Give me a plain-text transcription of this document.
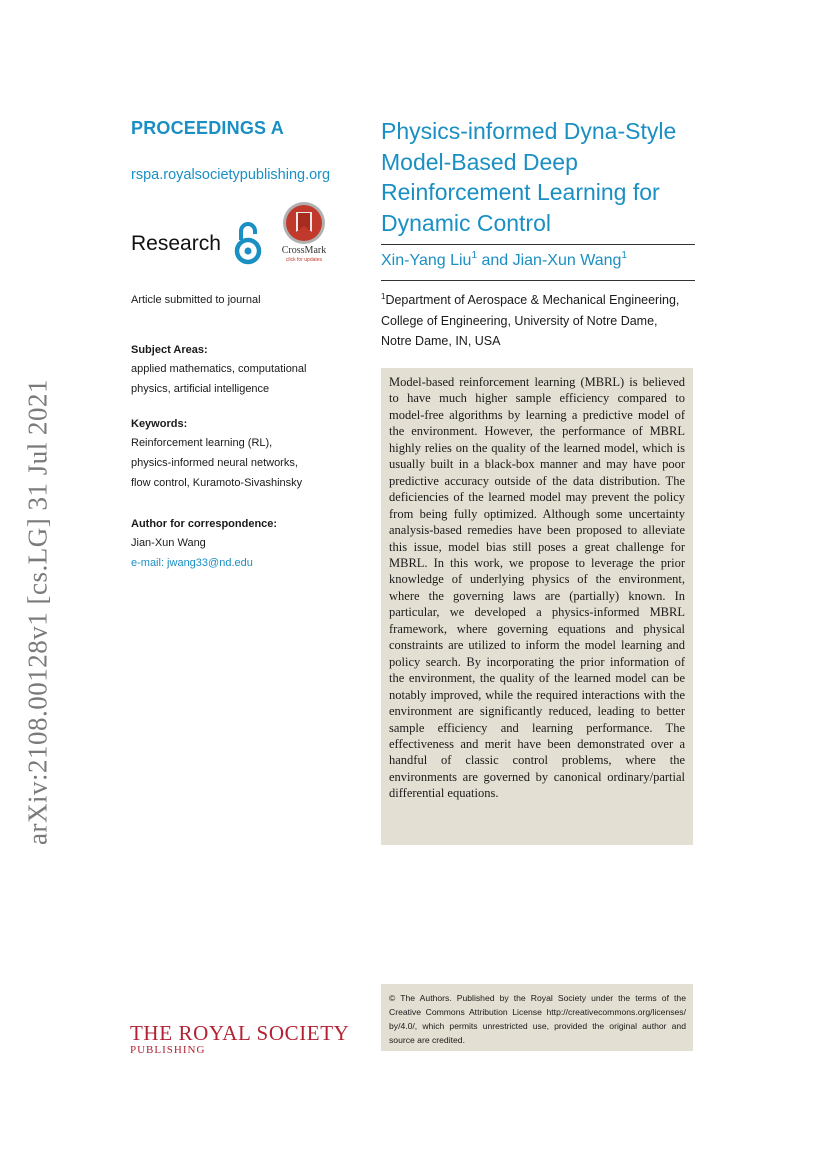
arXiv:2108.00128v1 [cs.LG] 31 Jul 2021
PROCEEDINGS A
rspa.royalsocietypublishing.org
Research	CrossMark
click for updates
Article submitted to journal
Subject Areas:
applied mathematics, computational
physics, artificial intelligence
Keywords:
Reinforcement learning (RL),
physics-informed neural networks,
flow control, Kuramoto-Sivashinsky
Author for correspondence:
Jian-Xun Wang
e-mail: jwang33@nd.edu
THE ROYAL SOCIETY
PUBLISHING
Physics-informed Dyna-Style
Model-Based Deep
Reinforcement Learning for
Dynamic Control
Xin-Yang Liu$^1$ and Jian-Xun Wang$^1$
$^1$Department of Aerospace & Mechanical Engineering,
College of Engineering, University of Notre Dame,
Notre Dame, IN, USA
Model-based reinforcement learning (MBRL) is believed to have much higher sample efficiency compared to model-free algorithms by learning a predictive model of the environment. However, the performance of MBRL highly relies on the quality of the learned model, which is usually built in a black-box manner and may have poor predictive accuracy outside of the data distribution. The deficiencies of the learned model may prevent the policy from being fully optimized. Although some uncertainty analysis-based remedies have been proposed to alleviate this issue, model bias still poses a great challenge for MBRL. In this work, we propose to leverage the prior knowledge of underlying physics of the environment, where the governing laws are (partially) known. In particular, we developed a physics-informed MBRL framework, where governing equations and physical constraints are utilized to inform the model learning and policy search. By incorporating the prior information of the environment, the quality of the learned model can be notably improved, while the required interactions with the environment are significantly reduced, leading to better sample efficiency and learning performance. The effectiveness and merit have been demonstrated over a handful of classic control problems, where the environments are governed by canonical ordinary/partial differential equations.
© The Authors. Published by the Royal Society under the terms of the Creative Commons Attribution License http://creativecommons.org/licenses/ by/4.0/, which permits unrestricted use, provided the original author and source are credited.
